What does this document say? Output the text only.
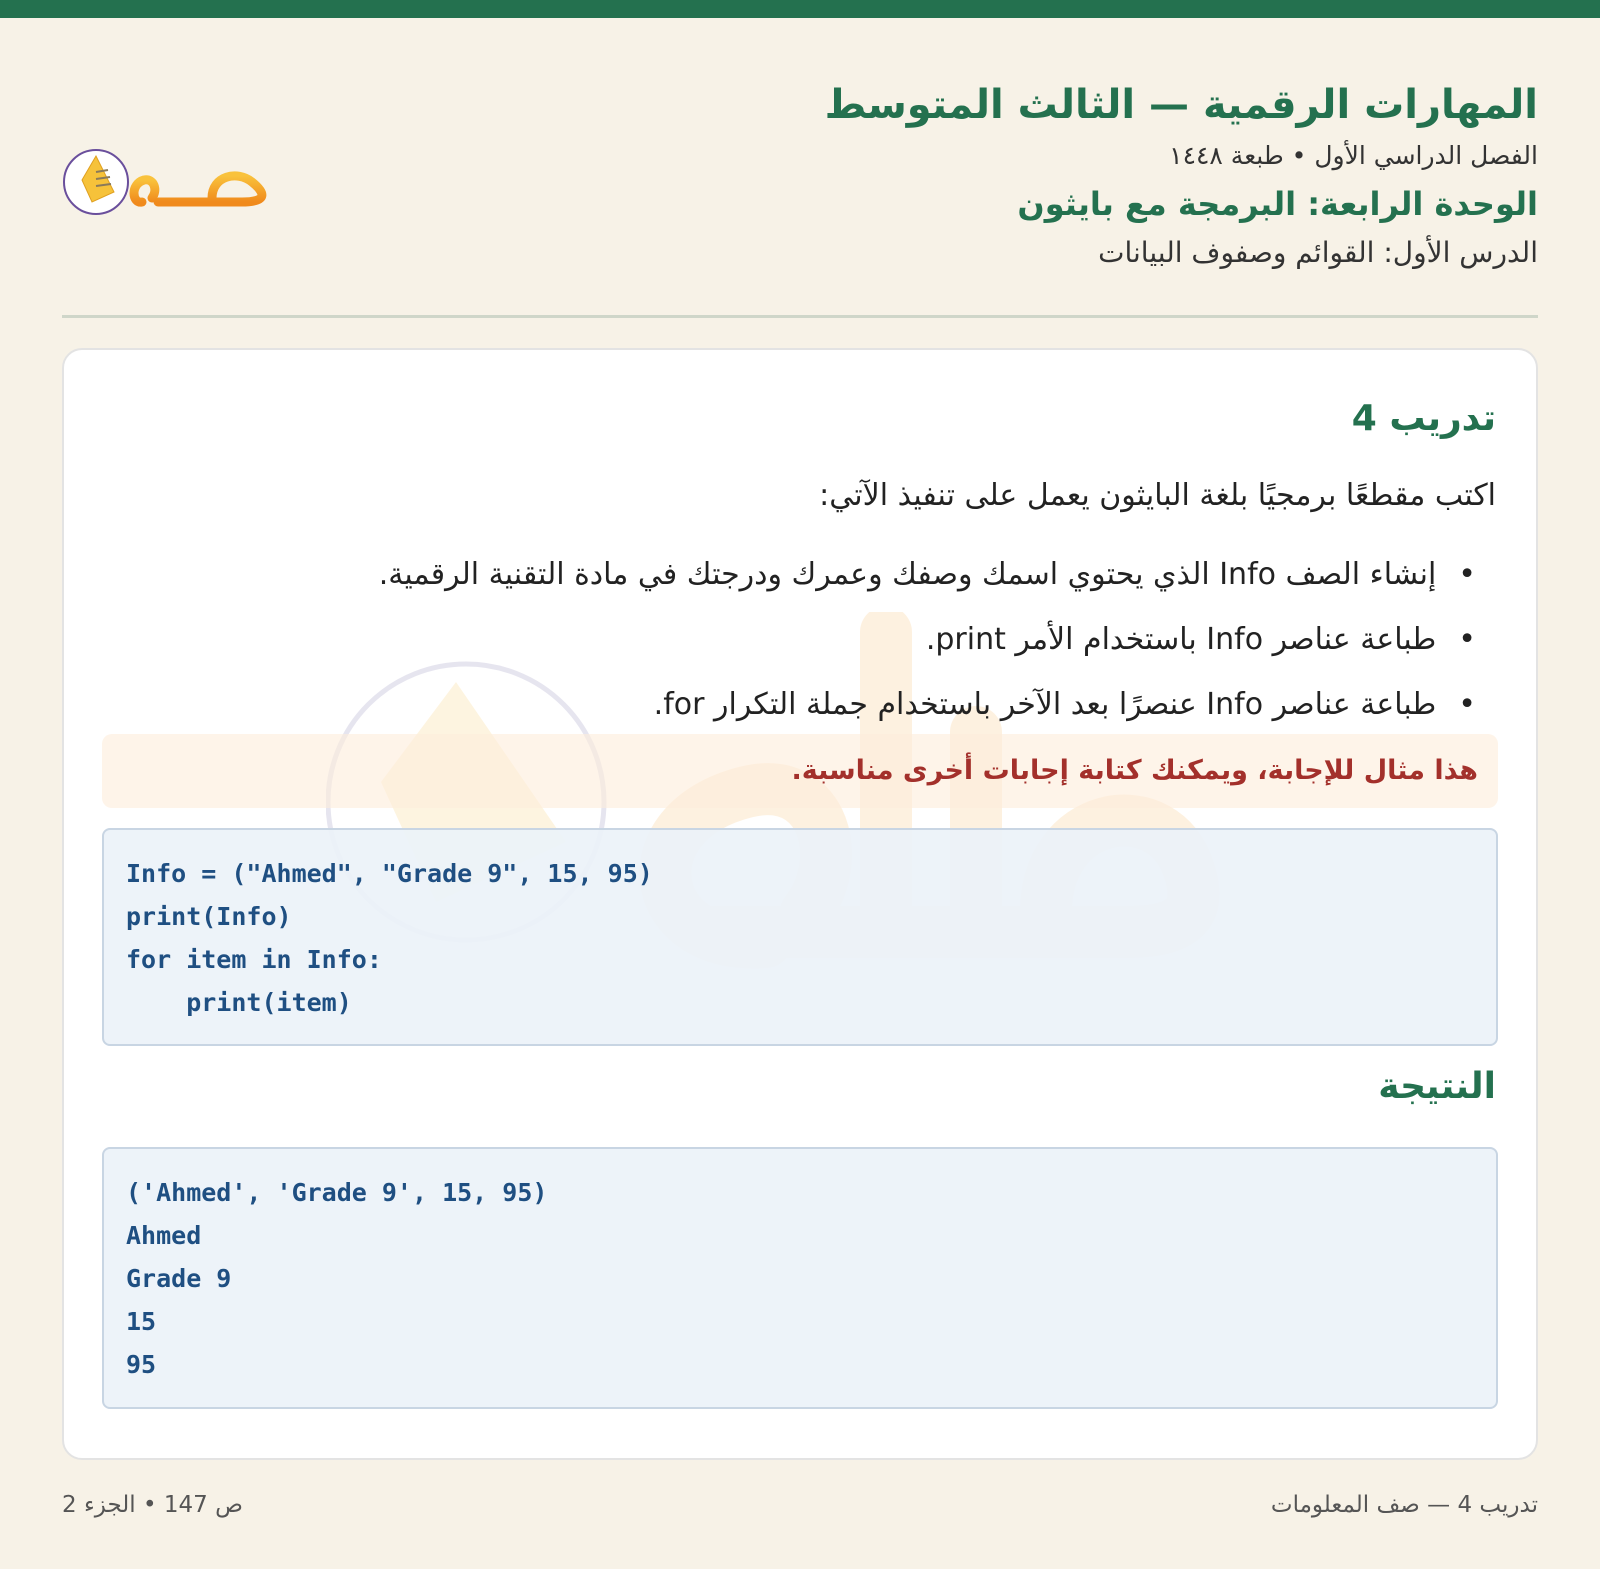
المهارات الرقمية — الثالث المتوسط
الفصل الدراسي الأول • طبعة ١٤٤٨
الوحدة الرابعة: البرمجة مع بايثون
الدرس الأول: القوائم وصفوف البيانات
تدريب 4
اكتب مقطعًا برمجيًا بلغة البايثون يعمل على تنفيذ الآتي:
• إنشاء الصف Info الذي يحتوي اسمك وصفك وعمرك ودرجتك في مادة التقنية الرقمية.
• طباعة عناصر Info باستخدام الأمر print.
• طباعة عناصر Info عنصرًا بعد الآخر باستخدام جملة التكرار for.
هذا مثال للإجابة، ويمكنك كتابة إجابات أخرى مناسبة.
Info = ("Ahmed", "Grade 9", 15, 95)
print(Info)
for item in Info:
print(item)
النتيجة
('Ahmed', 'Grade 9', 15, 95)
Ahmed
Grade 9
15
95
ص 147 • الجزء 2	تدريب 4 — صف المعلومات
